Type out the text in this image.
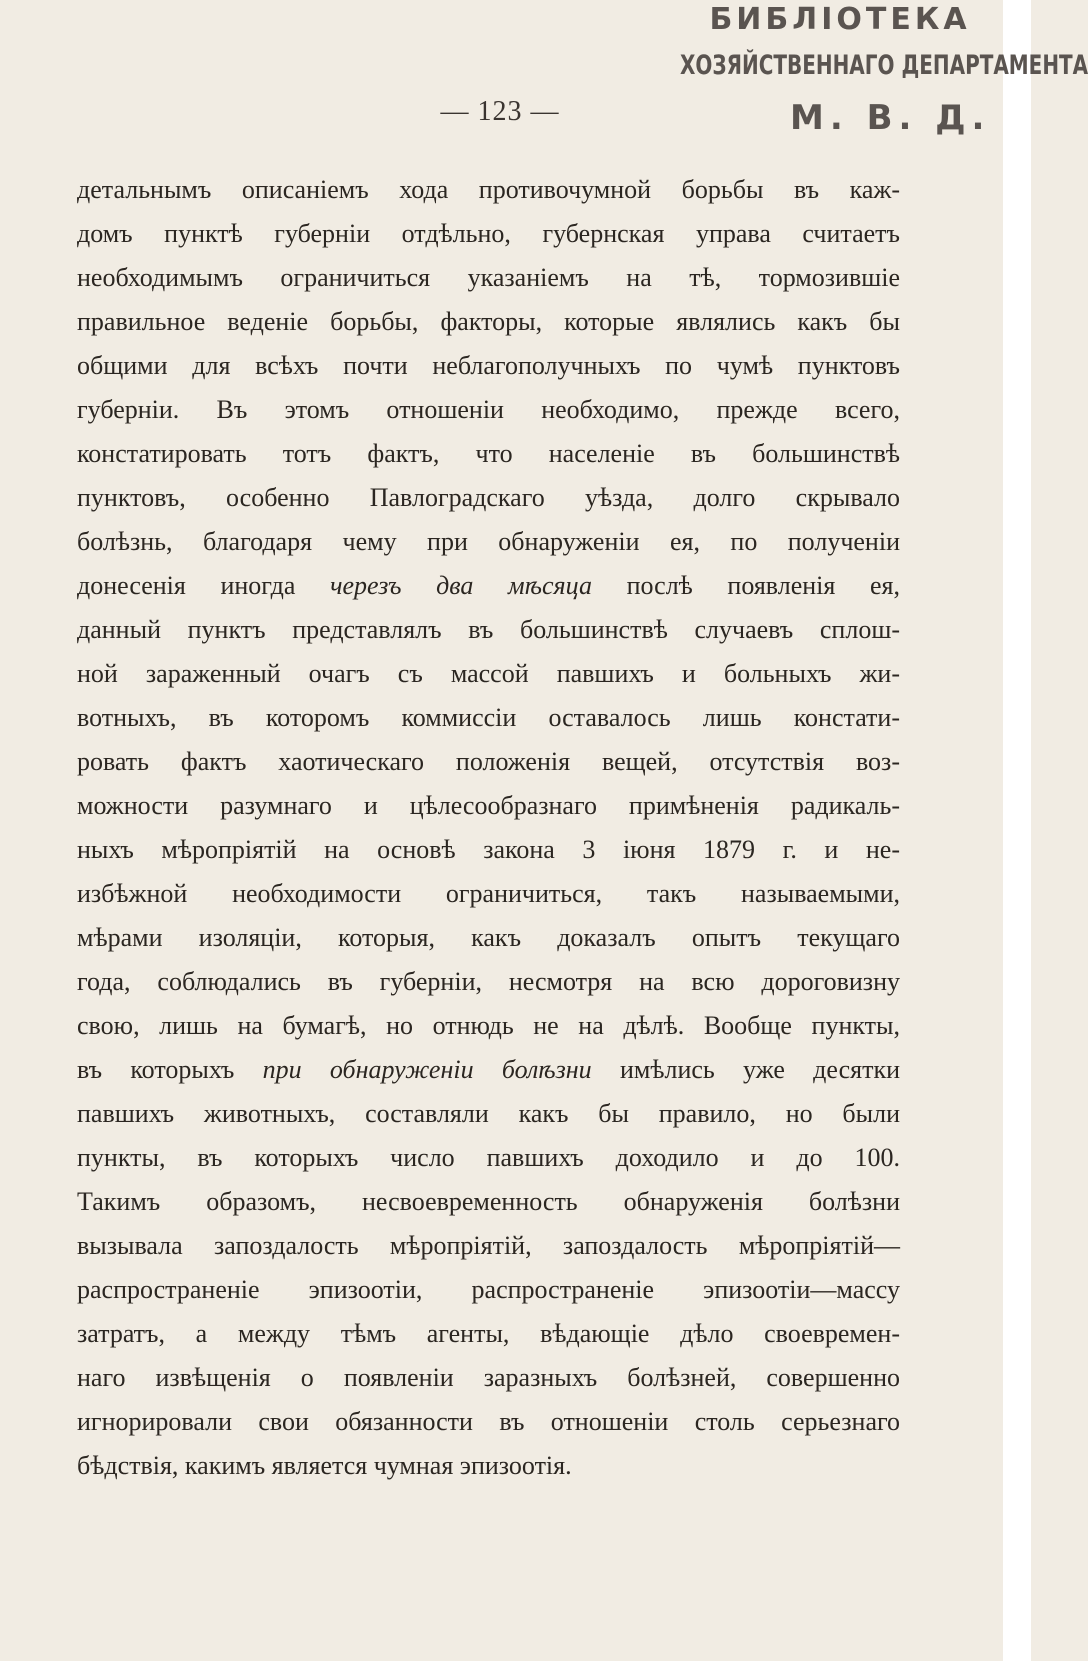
БИБЛІОТЕКА
ХОЗЯЙСТВЕННАГО ДЕПАРТАМЕНТА
М. В. Д.
— 123 —
детальнымъ описаніемъ хода противочумной борьбы въ каж-
домъ пунктѣ губерніи отдѣльно, губернская управа считаетъ
необходимымъ ограничиться указаніемъ на тѣ, тормозившіе
правильное веденіе борьбы, факторы, которые являлись какъ бы
общими для всѣхъ почти неблагополучныхъ по чумѣ пунктовъ
губерніи. Въ этомъ отношеніи необходимо, прежде всего,
констатировать тотъ фактъ, что населеніе въ большинствѣ
пунктовъ, особенно Павлоградскаго уѣзда, долго скрывало
болѣзнь, благодаря чему при обнаруженіи ея, по полученіи
донесенія иногда черезъ два мѣсяца послѣ появленія ея,
данный пунктъ представлялъ въ большинствѣ случаевъ сплош-
ной зараженный очагъ съ массой павшихъ и больныхъ жи-
вотныхъ, въ которомъ коммиссіи оставалось лишь констати-
ровать фактъ хаотическаго положенія вещей, отсутствія воз-
можности разумнаго и цѣлесообразнаго примѣненія радикаль-
ныхъ мѣропріятій на основѣ закона 3 іюня 1879 г. и не-
избѣжной необходимости ограничиться, такъ называемыми,
мѣрами изоляціи, которыя, какъ доказалъ опытъ текущаго
года, соблюдались въ губерніи, несмотря на всю дороговизну
свою, лишь на бумагѣ, но отнюдь не на дѣлѣ. Вообще пункты,
въ которыхъ при обнаруженіи болѣзни имѣлись уже десятки
павшихъ животныхъ, составляли какъ бы правило, но были
пункты, въ которыхъ число павшихъ доходило и до 100.
Такимъ образомъ, несвоевременность обнаруженія болѣзни
вызывала запоздалость мѣропріятій, запоздалость мѣропріятій—
распространеніе эпизоотіи, распространеніе эпизоотіи—массу
затратъ, а между тѣмъ агенты, вѣдающіе дѣло своевремен-
наго извѣщенія о появленіи заразныхъ болѣзней, совершенно
игнорировали свои обязанности въ отношеніи столь серьезнаго
бѣдствія, какимъ является чумная эпизоотія.
